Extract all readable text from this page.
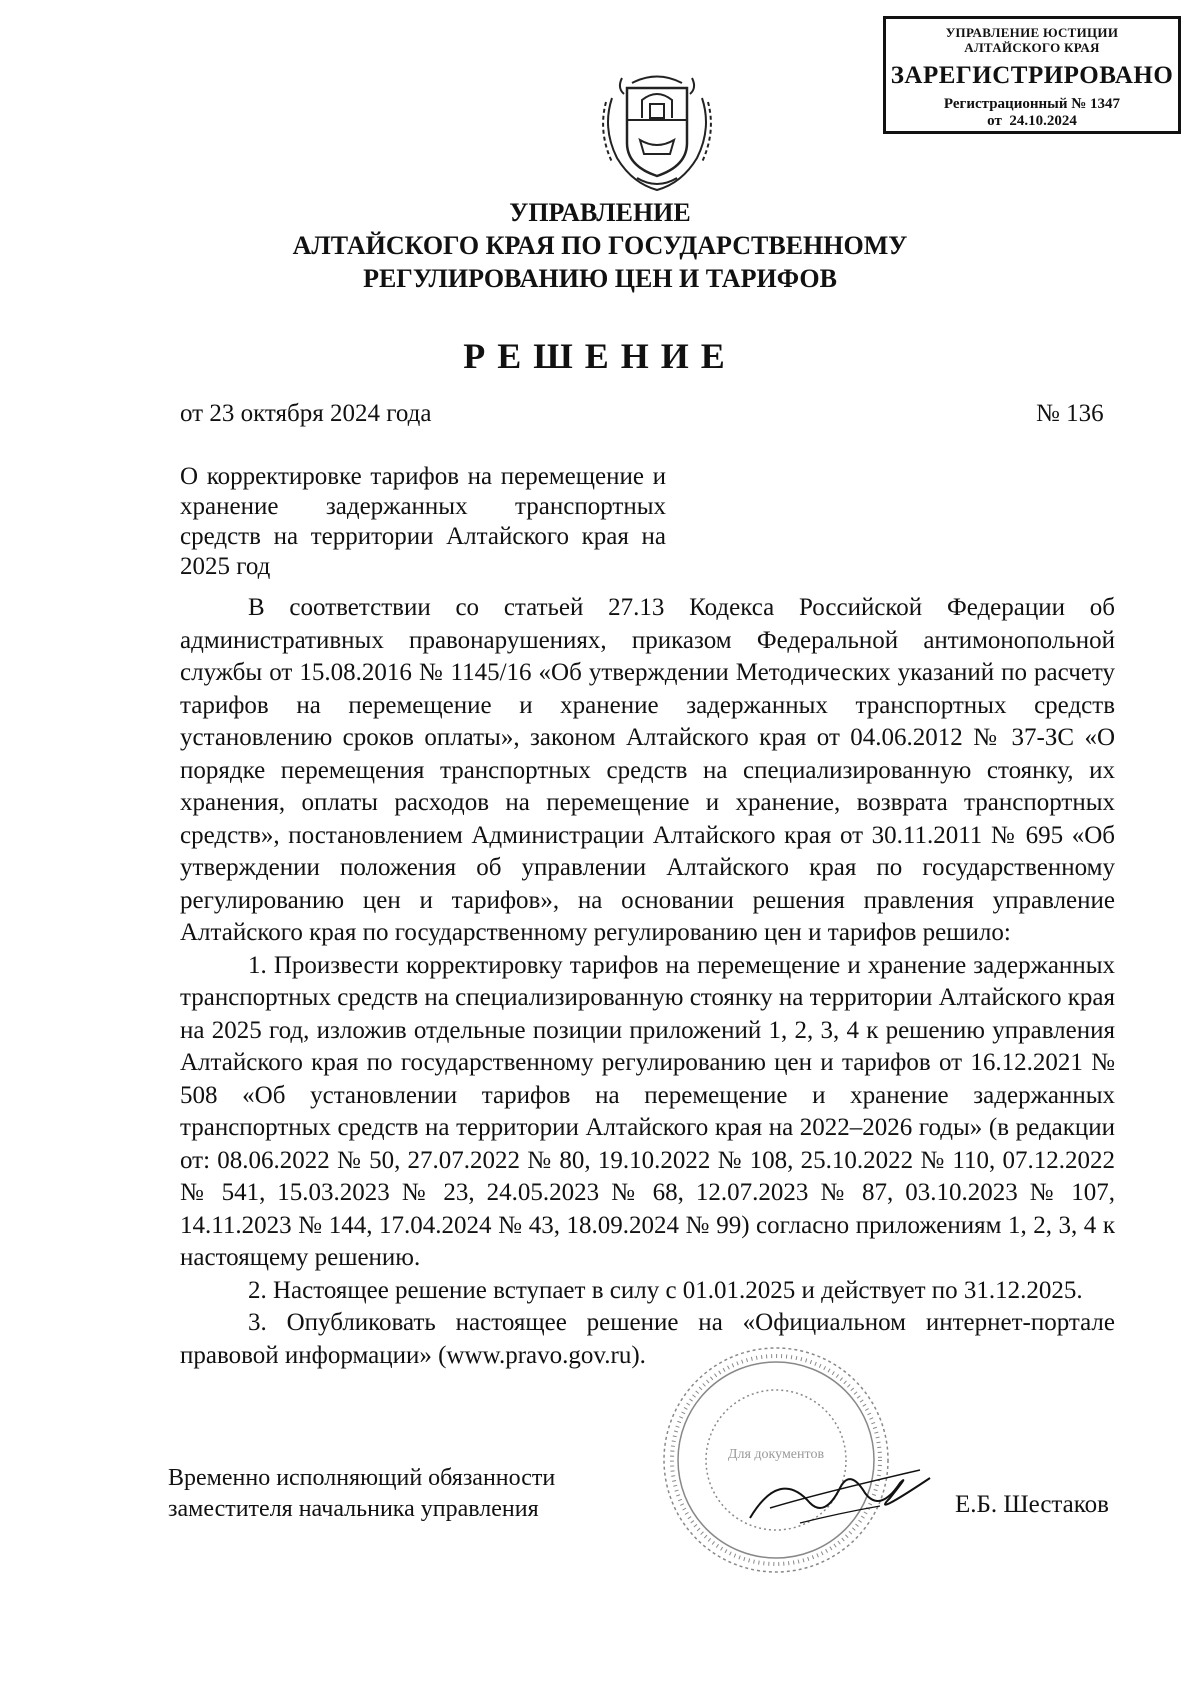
УПРАВЛЕНИЕ ЮСТИЦИИ
АЛТАЙСКОГО КРАЯ
ЗАРЕГИСТРИРОВАНО
Регистрационный № 1347
от  24.10.2024
УПРАВЛЕНИЕ
АЛТАЙСКОГО КРАЯ ПО ГОСУДАРСТВЕННОМУ
РЕГУЛИРОВАНИЮ ЦЕН И ТАРИФОВ
РЕШЕНИЕ
от 23 октября 2024 года	№ 136
О корректировке тарифов на перемещение и хранение задержанных транспортных средств на территории Алтайского края на 2025 год

В соответствии со статьей 27.13 Кодекса Российской Федерации об административных правонарушениях, приказом Федеральной антимонопольной службы от 15.08.2016 № 1145/16 «Об утверждении Методических указаний по расчету тарифов на перемещение и хранение задержанных транспортных средств установлению сроков оплаты», законом Алтайского края от 04.06.2012 № 37-ЗС «О порядке перемещения транспортных средств на специализированную стоянку, их хранения, оплаты расходов на перемещение и хранение, возврата транспортных средств», постановлением Администрации Алтайского края от 30.11.2011 № 695 «Об утверждении положения об управлении Алтайского края по государственному регулированию цен и тарифов», на основании решения правления управление Алтайского края по государственному регулированию цен и тарифов решило:

1. Произвести корректировку тарифов на перемещение и хранение задержанных транспортных средств на специализированную стоянку на территории Алтайского края на 2025 год, изложив отдельные позиции приложений 1, 2, 3, 4 к решению управления Алтайского края по государственному регулированию цен и тарифов от 16.12.2021 № 508 «Об установлении тарифов на перемещение и хранение задержанных транспортных средств на территории Алтайского края на 2022–2026 годы» (в редакции от: 08.06.2022 № 50, 27.07.2022 № 80, 19.10.2022 № 108, 25.10.2022 № 110, 07.12.2022 № 541, 15.03.2023 № 23, 24.05.2023 № 68, 12.07.2023 № 87, 03.10.2023 № 107, 14.11.2023 № 144, 17.04.2024 № 43, 18.09.2024 № 99) согласно приложениям 1, 2, 3, 4 к настоящему решению.

2. Настоящее решение вступает в силу с 01.01.2025 и действует по 31.12.2025.

3. Опубликовать настоящее решение на «Официальном интернет-портале правовой информации» (www.pravo.gov.ru).

Для документов
Временно исполняющий обязанности
заместителя начальника управления	Е.Б. Шестаков
